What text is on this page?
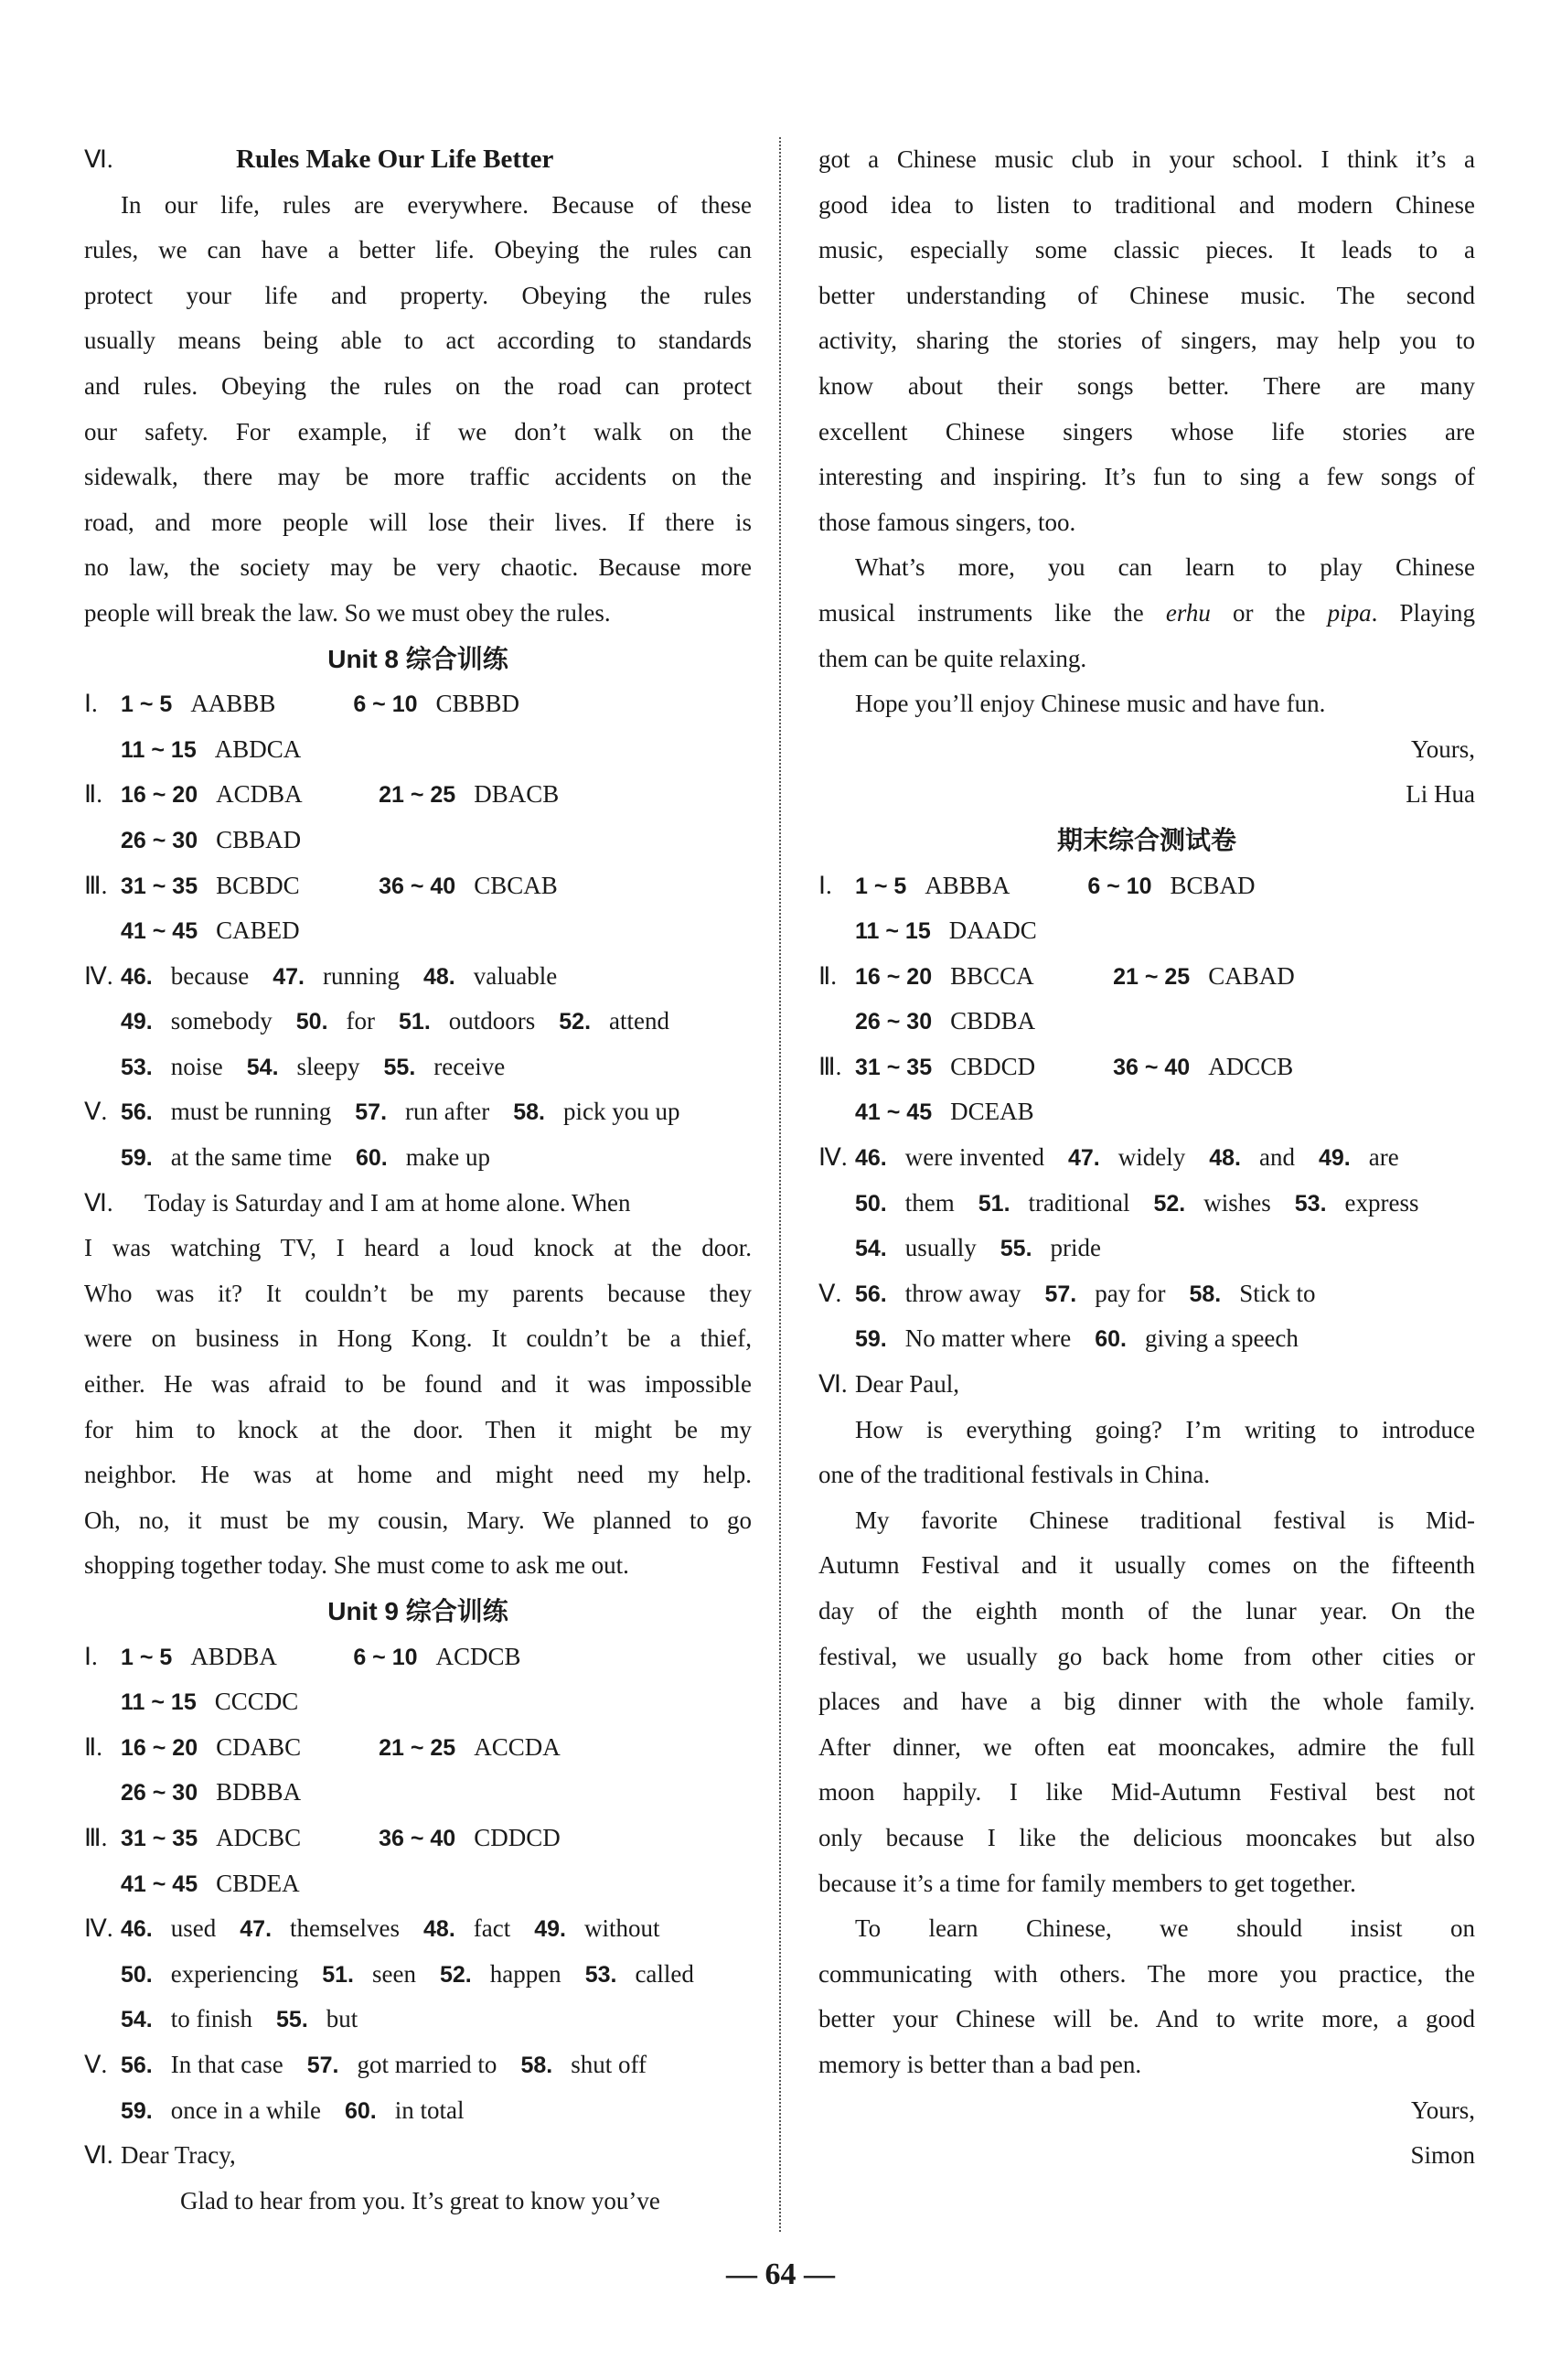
Ⅵ.	Rules Make Our Life Better
In our life, rules are everywhere. Because of these
rules, we can have a better life. Obeying the rules can
protect your life and property. Obeying the rules
usually means being able to act according to standards
and rules. Obeying the rules on the road can protect
our safety. For example, if we don’t walk on the
sidewalk, there may be more traffic accidents on the
road, and more people will lose their lives. If there is
no law, the society may be very chaotic. Because more
people will break the law. So we must obey the rules.
Unit 8 综合训练
Ⅰ. 1 ~ 5 AABBB	6 ~ 10 CBBBD
11 ~ 15 ABDCA
Ⅱ. 16 ~ 20 ACDBA	21 ~ 25 DBACB
26 ~ 30 CBBAD
Ⅲ. 31 ~ 35 BCBDC	36 ~ 40 CBCAB
41 ~ 45 CABED
Ⅳ. 46. because 47. running 48. valuable
49. somebody 50. for 51. outdoors 52. attend
53. noise 54. sleepy 55. receive
Ⅴ. 56. must be running 57. run after 58. pick you up
59. at the same time 60. make up
Ⅵ. Today is Saturday and I am at home alone. When
I was watching TV, I heard a loud knock at the door.
Who was it? It couldn’t be my parents because they
were on business in Hong Kong. It couldn’t be a thief,
either. He was afraid to be found and it was impossible
for him to knock at the door. Then it might be my
neighbor. He was at home and might need my help.
Oh, no, it must be my cousin, Mary. We planned to go
shopping together today. She must come to ask me out.
Unit 9 综合训练
Ⅰ. 1 ~ 5 ABDBA	6 ~ 10 ACDCB
11 ~ 15 CCCDC
Ⅱ. 16 ~ 20 CDABC	21 ~ 25 ACCDA
26 ~ 30 BDBBA
Ⅲ. 31 ~ 35 ADCBC	36 ~ 40 CDDCD
41 ~ 45 CBDEA
Ⅳ. 46. used 47. themselves 48. fact 49. without
50. experiencing 51. seen 52. happen 53. called
54. to finish 55. but
Ⅴ. 56. In that case 57. got married to 58. shut off
59. once in a while 60. in total
Ⅵ. Dear Tracy,
Glad to hear from you. It’s great to know you’ve
got a Chinese music club in your school. I think it’s a
good idea to listen to traditional and modern Chinese
music, especially some classic pieces. It leads to a
better understanding of Chinese music. The second
activity, sharing the stories of singers, may help you to
know about their songs better. There are many
excellent Chinese singers whose life stories are
interesting and inspiring. It’s fun to sing a few songs of
those famous singers, too.
What’s more, you can learn to play Chinese
musical instruments like the erhu or the pipa. Playing
them can be quite relaxing.
Hope you’ll enjoy Chinese music and have fun.
Yours,
Li Hua
期末综合测试卷
Ⅰ. 1 ~ 5 ABBBA	6 ~ 10 BCBAD
11 ~ 15 DAADC
Ⅱ. 16 ~ 20 BBCCA	21 ~ 25 CABAD
26 ~ 30 CBDBA
Ⅲ. 31 ~ 35 CBDCD	36 ~ 40 ADCCB
41 ~ 45 DCEAB
Ⅳ. 46. were invented 47. widely 48. and 49. are
50. them 51. traditional 52. wishes 53. express
54. usually 55. pride
Ⅴ. 56. throw away 57. pay for 58. Stick to
59. No matter where 60. giving a speech
Ⅵ. Dear Paul,
How is everything going? I’m writing to introduce
one of the traditional festivals in China.
My favorite Chinese traditional festival is Mid-
Autumn Festival and it usually comes on the fifteenth
day of the eighth month of the lunar year. On the
festival, we usually go back home from other cities or
places and have a big dinner with the whole family.
After dinner, we often eat mooncakes, admire the full
moon happily. I like Mid-Autumn Festival best not
only because I like the delicious mooncakes but also
because it’s a time for family members to get together.
To learn Chinese, we should insist on
communicating with others. The more you practice, the
better your Chinese will be. And to write more, a good
memory is better than a bad pen.
Yours,
Simon
— 64 —
